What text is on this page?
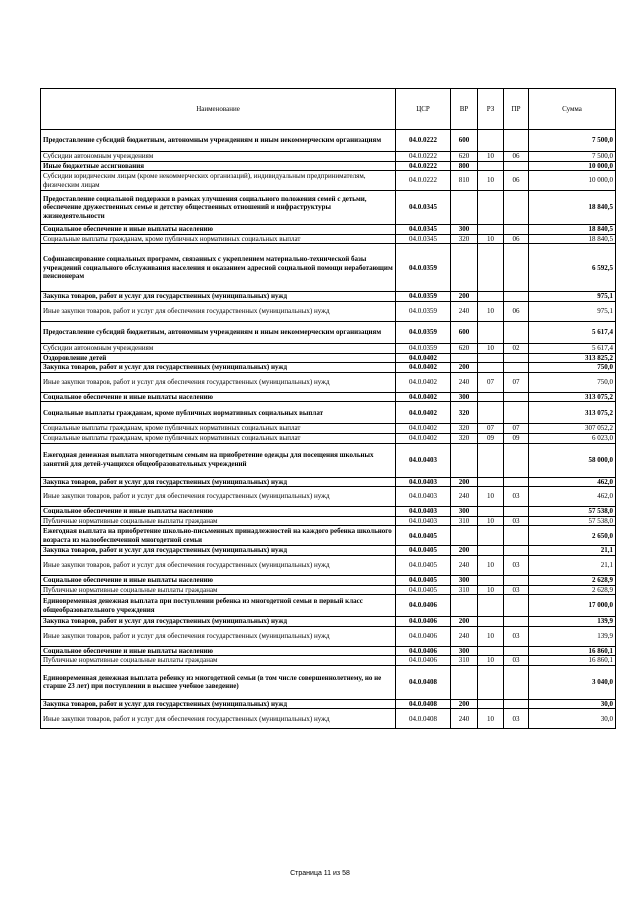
Наименование	ЦСР	ВР	РЗ	ПР	Сумма
Предоставление субсидий бюджетным, автономным учреждениям и иным некоммерческим организациям	04.0.0222	600			7 500,0
Субсидии автономным учреждениям	04.0.0222	620	10	06	7 500,0
Иные бюджетные ассигнования	04.0.0222	800			10 000,0
Субсидии юридическим лицам (кроме некоммерческих организаций), индивидуальным предпринимателям, физическим лицам	04.0.0222	810	10	06	10 000,0
Предоставление социальной поддержки в рамках улучшения социального положения семей с детьми, обеспечение дружественных семье и детству общественных отношений и инфраструктуры жизнедеятельности	04.0.0345				18 840,5
Социальное обеспечение и иные выплаты населению	04.0.0345	300			18 840,5
Социальные выплаты гражданам, кроме публичных нормативных социальных выплат	04.0.0345	320	10	06	18 840,5
Софинансирование социальных программ, связанных с укреплением материально-технической базы учреждений социального обслуживания населения и оказанием адресной социальной помощи неработающим пенсионерам	04.0.0359				6 592,5
Закупка товаров, работ и услуг для государственных (муниципальных) нужд	04.0.0359	200			975,1
Иные закупки товаров, работ и услуг для обеспечения государственных (муниципальных) нужд	04.0.0359	240	10	06	975,1
Предоставление субсидий бюджетным, автономным учреждениям и иным некоммерческим организациям	04.0.0359	600			5 617,4
Субсидии автономным учреждениям	04.0.0359	620	10	02	5 617,4
Оздоровление детей	04.0.0402				313 825,2
Закупка товаров, работ и услуг для государственных (муниципальных) нужд	04.0.0402	200			750,0
Иные закупки товаров, работ и услуг для обеспечения государственных (муниципальных) нужд	04.0.0402	240	07	07	750,0
Социальное обеспечение и иные выплаты населению	04.0.0402	300			313 075,2
Социальные выплаты гражданам, кроме публичных нормативных социальных выплат	04.0.0402	320			313 075,2
Социальные выплаты гражданам, кроме публичных нормативных социальных выплат	04.0.0402	320	07	07	307 052,2
Социальные выплаты гражданам, кроме публичных нормативных социальных выплат	04.0.0402	320	09	09	6 023,0
Ежегодная денежная выплата многодетным семьям на приобретение одежды для посещения школьных занятий для детей-учащихся общеобразовательных учреждений	04.0.0403				58 000,0
Закупка товаров, работ и услуг для государственных (муниципальных) нужд	04.0.0403	200			462,0
Иные закупки товаров, работ и услуг для обеспечения государственных (муниципальных) нужд	04.0.0403	240	10	03	462,0
Социальное обеспечение и иные выплаты населению	04.0.0403	300			57 538,0
Публичные нормативные социальные выплаты гражданам	04.0.0403	310	10	03	57 538,0
Ежегодная выплата на приобретение школьно-письменных принадлежностей на каждого ребенка школьного возраста из малообеспеченной многодетной семьи	04.0.0405				2 650,0
Закупка товаров, работ и услуг для государственных (муниципальных) нужд	04.0.0405	200			21,1
Иные закупки товаров, работ и услуг для обеспечения государственных (муниципальных) нужд	04.0.0405	240	10	03	21,1
Социальное обеспечение и иные выплаты населению	04.0.0405	300			2 628,9
Публичные нормативные социальные выплаты гражданам	04.0.0405	310	10	03	2 628,9
Единовременная денежная выплата при поступлении ребенка из многодетной семьи в первый класс общеобразовательного учреждения	04.0.0406				17 000,0
Закупка товаров, работ и услуг для государственных (муниципальных) нужд	04.0.0406	200			139,9
Иные закупки товаров, работ и услуг для обеспечения государственных (муниципальных) нужд	04.0.0406	240	10	03	139,9
Социальное обеспечение и иные выплаты населению	04.0.0406	300			16 860,1
Публичные нормативные социальные выплаты гражданам	04.0.0406	310	10	03	16 860,1
Единовременная денежная выплата ребенку из многодетной семьи (в том числе совершеннолетнему, но не старше 23 лет) при поступлении в высшее учебное заведение)	04.0.0408				3 040,0
Закупка товаров, работ и услуг для государственных (муниципальных) нужд	04.0.0408	200			30,0
Иные закупки товаров, работ и услуг для обеспечения государственных (муниципальных) нужд	04.0.0408	240	10	03	30,0
Страница 11 из 58
